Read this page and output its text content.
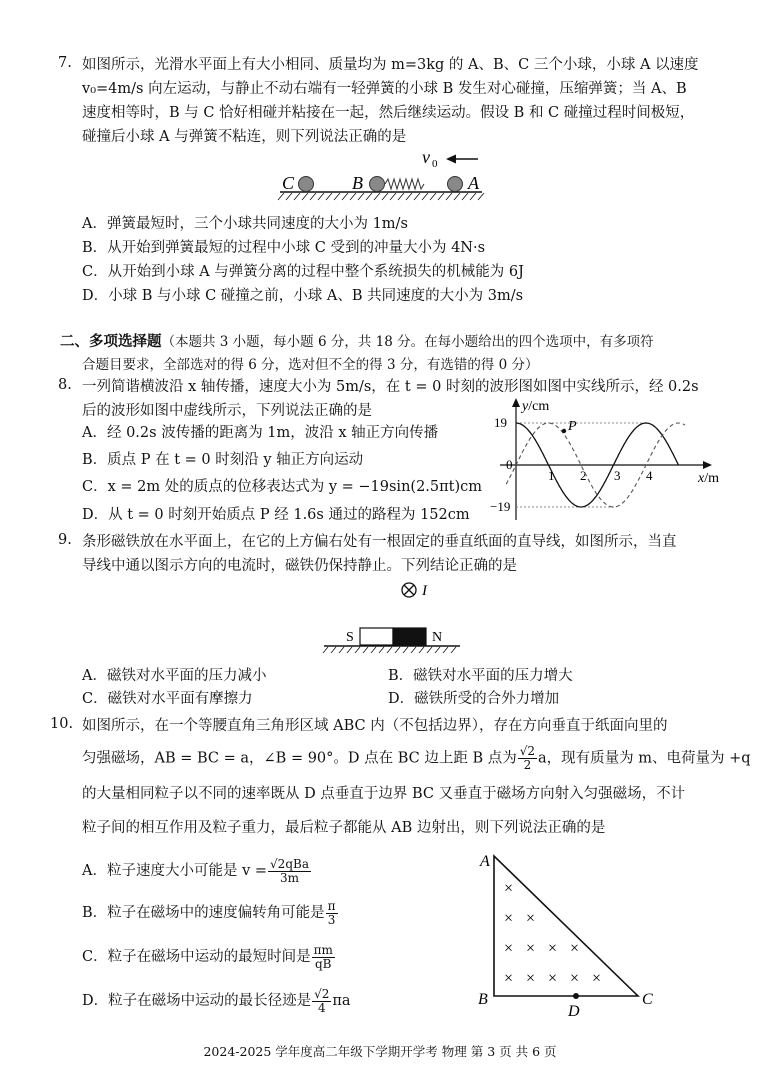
7. 如图所示，光滑水平面上有大小相同、质量均为 m=3kg 的 A、B、C 三个小球，小球 A 以速度
v₀=4m/s 向左运动，与静止不动右端有一轻弹簧的小球 B 发生对心碰撞，压缩弹簧；当 A、B
速度相等时，B 与 C 恰好相碰并粘接在一起，然后继续运动。假设 B 和 C 碰撞过程时间极短，
碰撞后小球 A 与弹簧不粘连，则下列说法正确的是
v 0
C	B	A
A．弹簧最短时，三个小球共同速度的大小为 1m/s
B．从开始到弹簧最短的过程中小球 C 受到的冲量大小为 4N·s
C．从开始到小球 A 与弹簧分离的过程中整个系统损失的机械能为 6J
D．小球 B 与小球 C 碰撞之前，小球 A、B 共同速度的大小为 3m/s
二、多项选择题（本题共 3 小题，每小题 6 分，共 18 分。在每小题给出的四个选项中，有多项符
合题目要求，全部选对的得 6 分，选对但不全的得 3 分，有选错的得 0 分）
8. 一列简谐横波沿 x 轴传播，速度大小为 5m/s，在 t = 0 时刻的波形图如图中实线所示，经 0.2s
后的波形如图中虚线所示，下列说法正确的是
A．经 0.2s 波传播的距离为 1m，波沿 x 轴正方向传播
B．质点 P 在 t = 0 时刻沿 y 轴正方向运动
C．x = 2m 处的质点的位移表达式为 y = −19sin(2.5πt)cm
D．从 t = 0 时刻开始质点 P 经 1.6s 通过的路程为 152cm
y/cm
x/m
19
−19
0
1 2 3 4
P
9. 条形磁铁放在水平面上，在它的上方偏右处有一根固定的垂直纸面的直导线，如图所示，当直
导线中通以图示方向的电流时，磁铁仍保持静止。下列结论正确的是
I
S	N
A．磁铁对水平面的压力减小	B．磁铁对水平面的压力增大
C．磁铁对水平面有摩擦力	D．磁铁所受的合外力增加
10. 如图所示，在一个等腰直角三角形区域 ABC 内（不包括边界），存在方向垂直于纸面向里的
匀强磁场，AB = BC = a，∠B = 90°。D 点在 BC 边上距 B 点为 $\frac{√2}{2}$ a，现有质量为 m、电荷量为 +q
的大量相同粒子以不同的速率既从 D 点垂直于边界 BC 又垂直于磁场方向射入匀强磁场，不计
粒子间的相互作用及粒子重力，最后粒子都能从 AB 边射出，则下列说法正确的是
A．粒子速度大小可能是 $v = \frac{\text{√2qBa}}{3m}$
B．粒子在磁场中的速度偏转角可能是 $\frac{\pi}{3}$
C．粒子在磁场中运动的最短时间是 $\frac{\pi m}{qB}$
D．粒子在磁场中运动的最长径迹是 $\frac{√2}{4}$ πa
A
B	C
D
×
× ×
× × × ×
× × × × ×
2024-2025 学年度高二年级下学期开学考 物理 第 3 页 共 6 页
